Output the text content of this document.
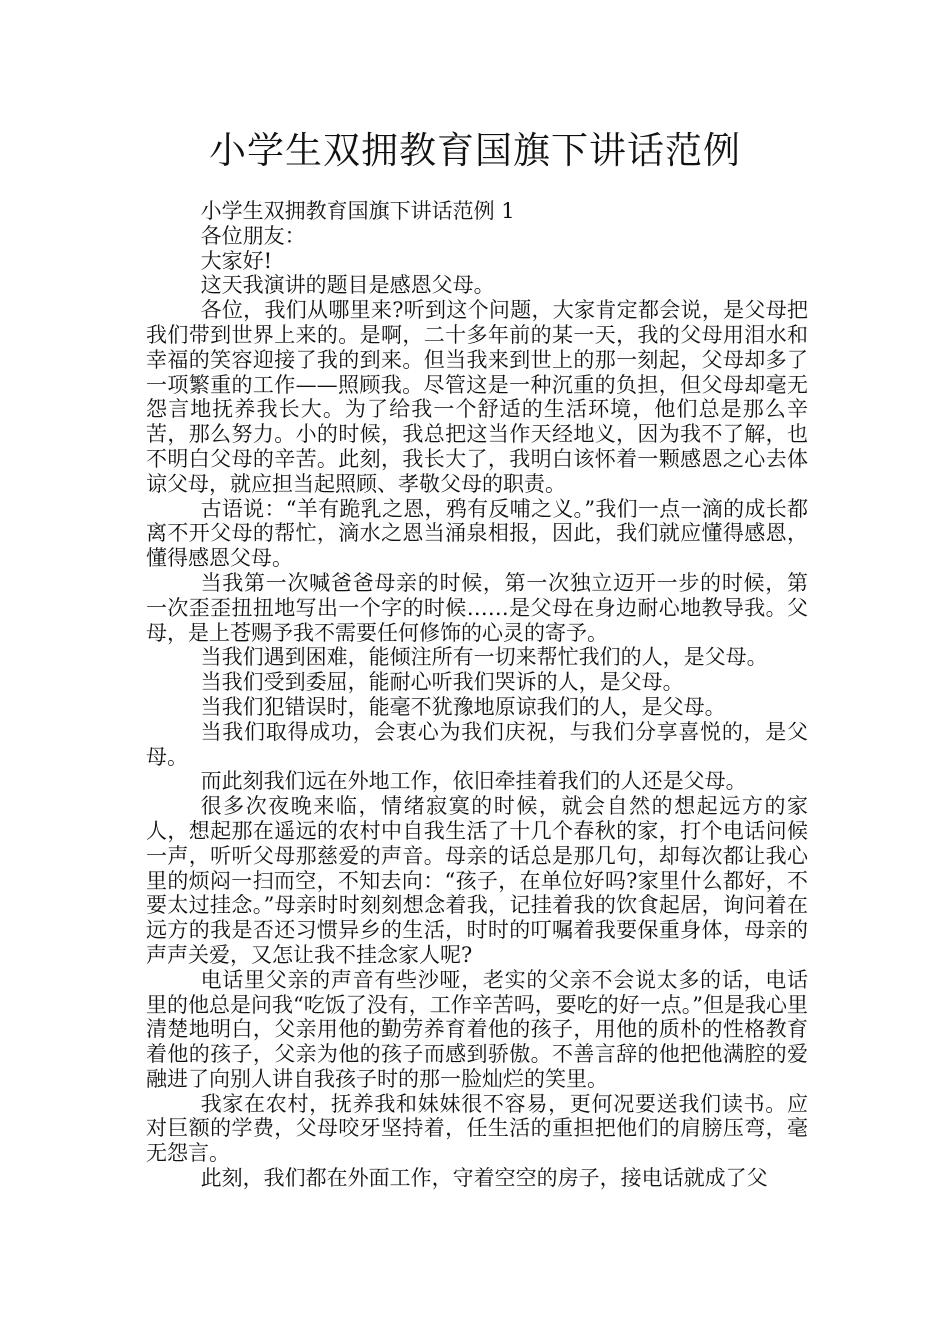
小学生双拥教育国旗下讲话范例

小学生双拥教育国旗下讲话范例 1

各位朋友：

大家好!

这天我演讲的题目是感恩父母。

各位，我们从哪里来?听到这个问题，大家肯定都会说，是父母把我们带到世界上来的。是啊，二十多年前的某一天，我的父母用泪水和幸福的笑容迎接了我的到来。但当我来到世上的那一刻起，父母却多了一项繁重的工作——照顾我。尽管这是一种沉重的负担，但父母却毫无怨言地抚养我长大。为了给我一个舒适的生活环境，他们总是那么辛苦，那么努力。小的时候，我总把这当作天经地义，因为我不了解，也不明白父母的辛苦。此刻，我长大了，我明白该怀着一颗感恩之心去体谅父母，就应担当起照顾、孝敬父母的职责。

古语说：“羊有跪乳之恩，鸦有反哺之义。”我们一点一滴的成长都离不开父母的帮忙，滴水之恩当涌泉相报，因此，我们就应懂得感恩，懂得感恩父母。

当我第一次喊爸爸母亲的时候，第一次独立迈开一步的时候，第一次歪歪扭扭地写出一个字的时候……是父母在身边耐心地教导我。父母，是上苍赐予我不需要任何修饰的心灵的寄予。

当我们遇到困难，能倾注所有一切来帮忙我们的人，是父母。

当我们受到委屈，能耐心听我们哭诉的人，是父母。

当我们犯错误时，能毫不犹豫地原谅我们的人，是父母。

当我们取得成功，会衷心为我们庆祝，与我们分享喜悦的，是父母。

而此刻我们远在外地工作，依旧牵挂着我们的人还是父母。

很多次夜晚来临，情绪寂寞的时候，就会自然的想起远方的家人，想起那在遥远的农村中自我生活了十几个春秋的家，打个电话问候一声，听听父母那慈爱的声音。母亲的话总是那几句，却每次都让我心里的烦闷一扫而空，不知去向：“孩子，在单位好吗?家里什么都好，不要太过挂念。”母亲时时刻刻想念着我，记挂着我的饮食起居，询问着在远方的我是否还习惯异乡的生活，时时的叮嘱着我要保重身体，母亲的声声关爱，又怎让我不挂念家人呢?

电话里父亲的声音有些沙哑，老实的父亲不会说太多的话，电话里的他总是问我“吃饭了没有，工作辛苦吗，要吃的好一点。”但是我心里清楚地明白，父亲用他的勤劳养育着他的孩子，用他的质朴的性格教育着他的孩子，父亲为他的孩子而感到骄傲。不善言辞的他把他满腔的爱融进了向别人讲自我孩子时的那一脸灿烂的笑里。

我家在农村，抚养我和妹妹很不容易，更何况要送我们读书。应对巨额的学费，父母咬牙坚持着，任生活的重担把他们的肩膀压弯，毫无怨言。

此刻，我们都在外面工作，守着空空的房子，接电话就成了父
